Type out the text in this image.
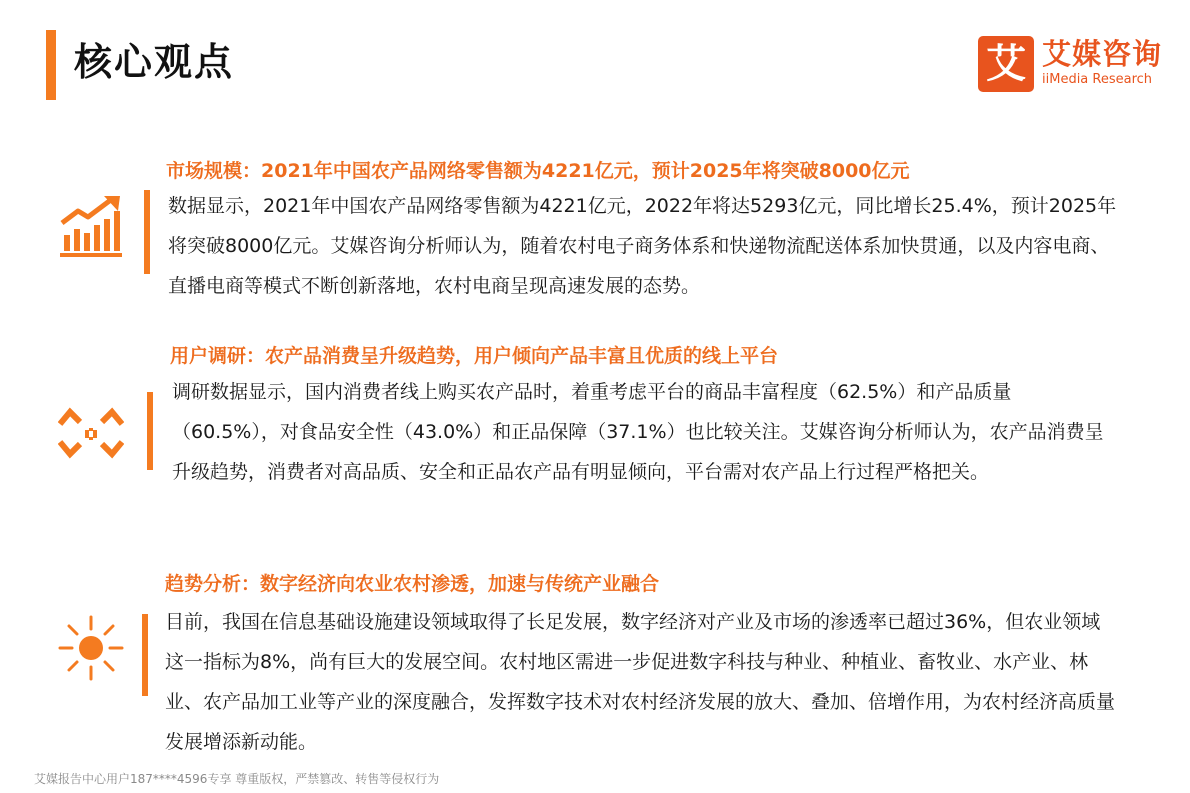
核心观点	艾 艾媒咨询
iiMedia Research
市场规模：2021年中国农产品网络零售额为4221亿元，预计2025年将突破8000亿元
数据显示，2021年中国农产品网络零售额为4221亿元，2022年将达5293亿元，同比增长25.4%，预计2025年将突破8000亿元。艾媒咨询分析师认为，随着农村电子商务体系和快递物流配送体系加快贯通，以及内容电商、直播电商等模式不断创新落地，农村电商呈现高速发展的态势。
用户调研：农产品消费呈升级趋势，用户倾向产品丰富且优质的线上平台
调研数据显示，国内消费者线上购买农产品时，着重考虑平台的商品丰富程度（62.5%）和产品质量（60.5%），对食品安全性（43.0%）和正品保障（37.1%）也比较关注。艾媒咨询分析师认为，农产品消费呈升级趋势，消费者对高品质、安全和正品农产品有明显倾向，平台需对农产品上行过程严格把关。
趋势分析：数字经济向农业农村渗透，加速与传统产业融合
目前，我国在信息基础设施建设领域取得了长足发展，数字经济对产业及市场的渗透率已超过36%，但农业领域这一指标为8%，尚有巨大的发展空间。农村地区需进一步促进数字科技与种业、种植业、畜牧业、水产业、林业、农产品加工业等产业的深度融合，发挥数字技术对农村经济发展的放大、叠加、倍增作用，为农村经济高质量发展增添新动能。
艾媒报告中心用户187****4596专享 尊重版权，严禁篡改、转售等侵权行为
